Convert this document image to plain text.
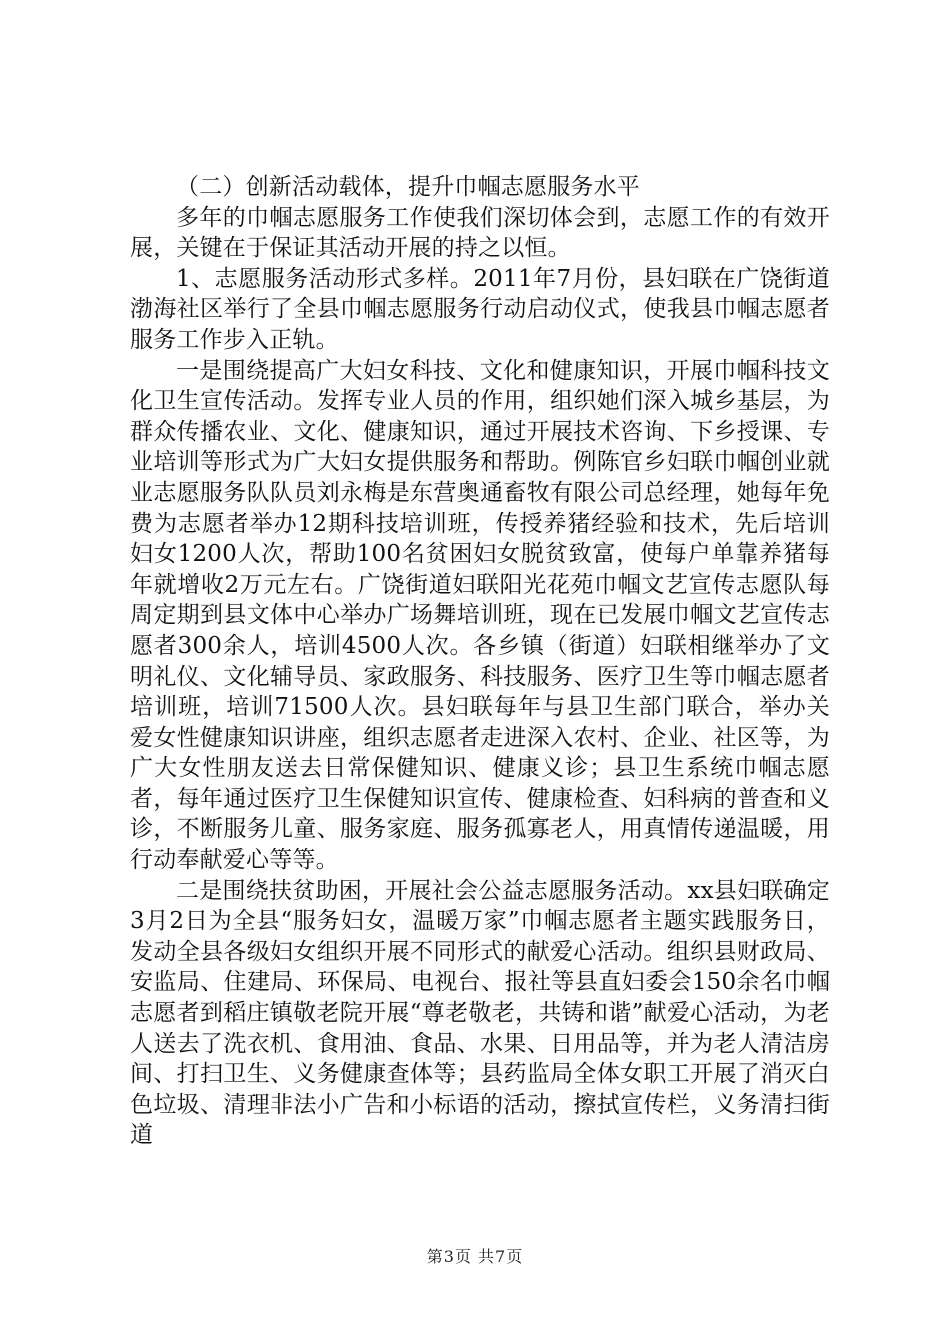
（二）创新活动载体，提升巾帼志愿服务水平

多年的巾帼志愿服务工作使我们深切体会到，志愿工作的有效开展，关键在于保证其活动开展的持之以恒。

1、志愿服务活动形式多样。2011年7月份，县妇联在广饶街道渤海社区举行了全县巾帼志愿服务行动启动仪式，使我县巾帼志愿者服务工作步入正轨。

一是围绕提高广大妇女科技、文化和健康知识，开展巾帼科技文化卫生宣传活动。发挥专业人员的作用，组织她们深入城乡基层，为群众传播农业、文化、健康知识，通过开展技术咨询、下乡授课、专业培训等形式为广大妇女提供服务和帮助。例陈官乡妇联巾帼创业就业志愿服务队队员刘永梅是东营奥通畜牧有限公司总经理，她每年免费为志愿者举办12期科技培训班，传授养猪经验和技术，先后培训妇女1200人次，帮助100名贫困妇女脱贫致富，使每户单靠养猪每年就增收2万元左右。广饶街道妇联阳光花苑巾帼文艺宣传志愿队每周定期到县文体中心举办广场舞培训班，现在已发展巾帼文艺宣传志愿者300余人，培训4500人次。各乡镇（街道）妇联相继举办了文明礼仪、文化辅导员、家政服务、科技服务、医疗卫生等巾帼志愿者培训班，培训71500人次。县妇联每年与县卫生部门联合，举办关爱女性健康知识讲座，组织志愿者走进深入农村、企业、社区等，为广大女性朋友送去日常保健知识、健康义诊；县卫生系统巾帼志愿者，每年通过医疗卫生保健知识宣传、健康检查、妇科病的普查和义诊，不断服务儿童、服务家庭、服务孤寡老人，用真情传递温暖，用行动奉献爱心等等。

二是围绕扶贫助困，开展社会公益志愿服务活动。xx县妇联确定3月2日为全县“服务妇女，温暖万家”巾帼志愿者主题实践服务日，发动全县各级妇女组织开展不同形式的献爱心活动。组织县财政局、安监局、住建局、环保局、电视台、报社等县直妇委会150余名巾帼志愿者到稻庄镇敬老院开展“尊老敬老，共铸和谐”献爱心活动，为老人送去了洗衣机、食用油、食品、水果、日用品等，并为老人清洁房间、打扫卫生、义务健康查体等；县药监局全体女职工开展了消灭白色垃圾、清理非法小广告和小标语的活动，擦拭宣传栏，义务清扫街道

第3页 共7页
